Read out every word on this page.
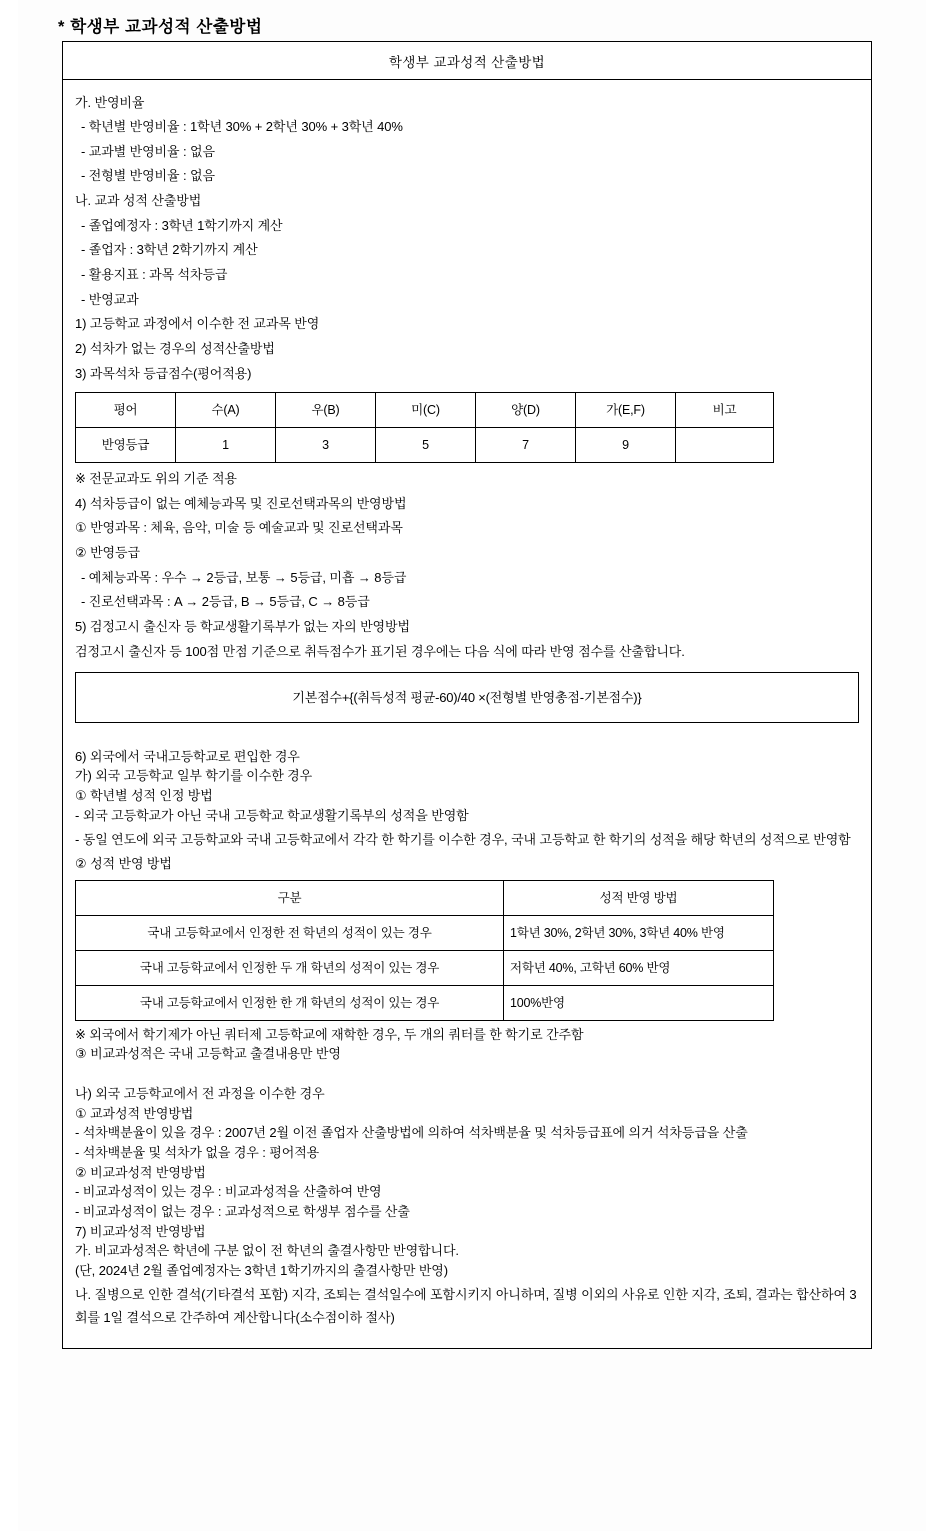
* 학생부 교과성적 산출방법
학생부 교과성적 산출방법
가. 반영비율
- 학년별 반영비율 : 1학년 30% + 2학년 30% + 3학년 40%
- 교과별 반영비율 : 없음
- 전형별 반영비율 : 없음
나. 교과 성적 산출방법
- 졸업예정자 : 3학년 1학기까지 계산
- 졸업자 : 3학년 2학기까지 계산
- 활용지표 : 과목 석차등급
- 반영교과
1) 고등학교 과정에서 이수한 전 교과목 반영
2) 석차가 없는 경우의 성적산출방법
3) 과목석차 등급점수(평어적용)
평어	수(A)	우(B)	미(C)	양(D)	가(E,F)	비고
반영등급	1	3	5	7	9	
※ 전문교과도 위의 기준 적용
4) 석차등급이 없는 예체능과목 및 진로선택과목의 반영방법
① 반영과목 : 체육, 음악, 미술 등 예술교과 및 진로선택과목
② 반영등급
- 예체능과목 : 우수 → 2등급, 보통 → 5등급, 미흡 → 8등급
- 진로선택과목 : A → 2등급, B → 5등급, C → 8등급
5) 검정고시 출신자 등 학교생활기록부가 없는 자의 반영방법
검정고시 출신자 등 100점 만점 기준으로 취득점수가 표기된 경우에는 다음 식에 따라 반영 점수를 산출합니다.
기본점수+{(취득성적 평균-60)/40 ×(전형별 반영총점-기본점수)}
6) 외국에서 국내고등학교로 편입한 경우
가) 외국 고등학교 일부 학기를 이수한 경우
① 학년별 성적 인정 방법
- 외국 고등학교가 아닌 국내 고등학교 학교생활기록부의 성적을 반영함
- 동일 연도에 외국 고등학교와 국내 고등학교에서 각각 한 학기를 이수한 경우, 국내 고등학교 한 학기의 성적을 해당 학년의 성적으로 반영함
② 성적 반영 방법
구분	성적 반영 방법
국내 고등학교에서 인정한 전 학년의 성적이 있는 경우	1학년 30%, 2학년 30%, 3학년 40% 반영
국내 고등학교에서 인정한 두 개 학년의 성적이 있는 경우	저학년 40%, 고학년 60% 반영
국내 고등학교에서 인정한 한 개 학년의 성적이 있는 경우	100%반영
※ 외국에서 학기제가 아닌 쿼터제 고등학교에 재학한 경우, 두 개의 쿼터를 한 학기로 간주함
③ 비교과성적은 국내 고등학교 출결내용만 반영
나) 외국 고등학교에서 전 과정을 이수한 경우
① 교과성적 반영방법
- 석차백분율이 있을 경우 : 2007년 2월 이전 졸업자 산출방법에 의하여 석차백분율 및 석차등급표에 의거 석차등급을 산출
- 석차백분율 및 석차가 없을 경우 : 평어적용
② 비교과성적 반영방법
- 비교과성적이 있는 경우 : 비교과성적을 산출하여 반영
- 비교과성적이 없는 경우 : 교과성적으로 학생부 점수를 산출
7) 비교과성적 반영방법
가. 비교과성적은 학년에 구분 없이 전 학년의 출결사항만 반영합니다.
(단, 2024년 2월 졸업예정자는 3학년 1학기까지의 출결사항만 반영)
나. 질병으로 인한 결석(기타결석 포함) 지각, 조퇴는 결석일수에 포함시키지 아니하며, 질병 이외의 사유로 인한 지각, 조퇴, 결과는 합산하여 3회를 1일 결석으로 간주하여 계산합니다(소수점이하 절사)
